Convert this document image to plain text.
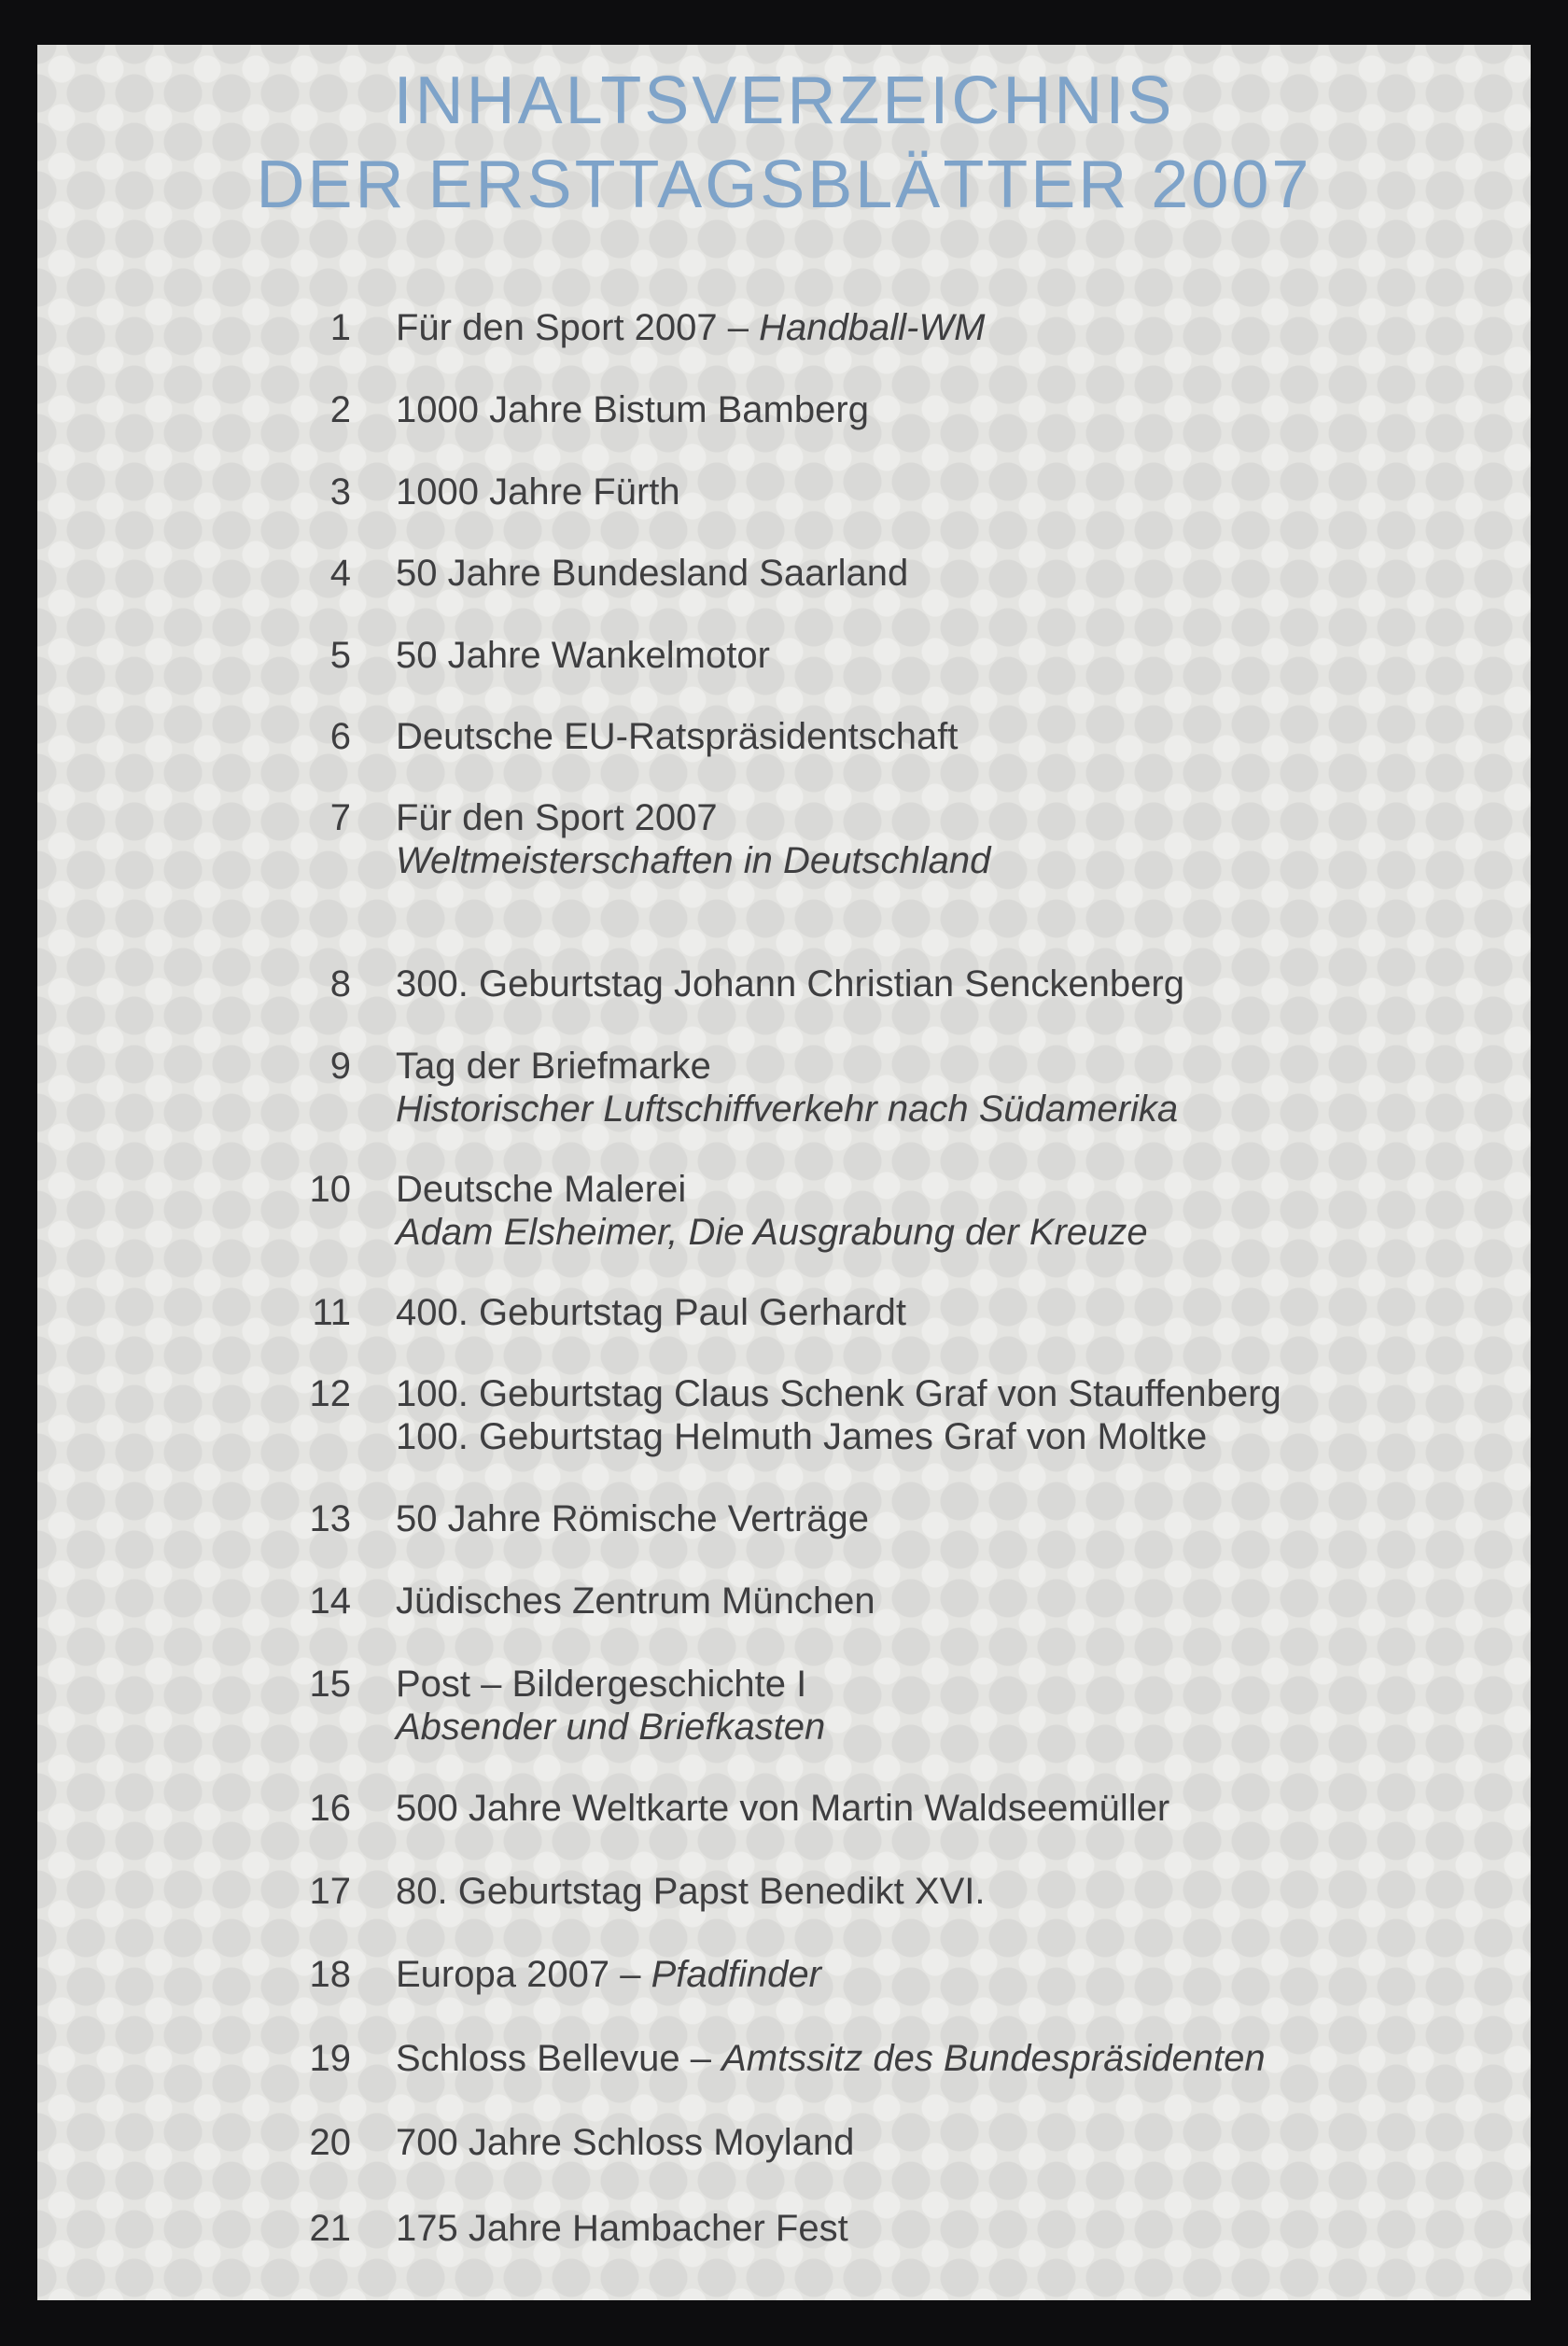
INHALTSVERZEICHNIS
DER ERSTTAGSBLÄTTER 2007
1 Für den Sport 2007 – Handball-WM
2 1000 Jahre Bistum Bamberg
3 1000 Jahre Fürth
4 50 Jahre Bundesland Saarland
5 50 Jahre Wankelmotor
6 Deutsche EU-Ratspräsidentschaft
7 Für den Sport 2007
Weltmeisterschaften in Deutschland
8 300. Geburtstag Johann Christian Senckenberg
9 Tag der Briefmarke
Historischer Luftschiffverkehr nach Südamerika
10 Deutsche Malerei
Adam Elsheimer, Die Ausgrabung der Kreuze
11 400. Geburtstag Paul Gerhardt
12 100. Geburtstag Claus Schenk Graf von Stauffenberg
100. Geburtstag Helmuth James Graf von Moltke
13 50 Jahre Römische Verträge
14 Jüdisches Zentrum München
15 Post – Bildergeschichte I
Absender und Briefkasten
16 500 Jahre Weltkarte von Martin Waldseemüller
17 80. Geburtstag Papst Benedikt XVI.
18 Europa 2007 – Pfadfinder
19 Schloss Bellevue – Amtssitz des Bundespräsidenten
20 700 Jahre Schloss Moyland
21 175 Jahre Hambacher Fest
